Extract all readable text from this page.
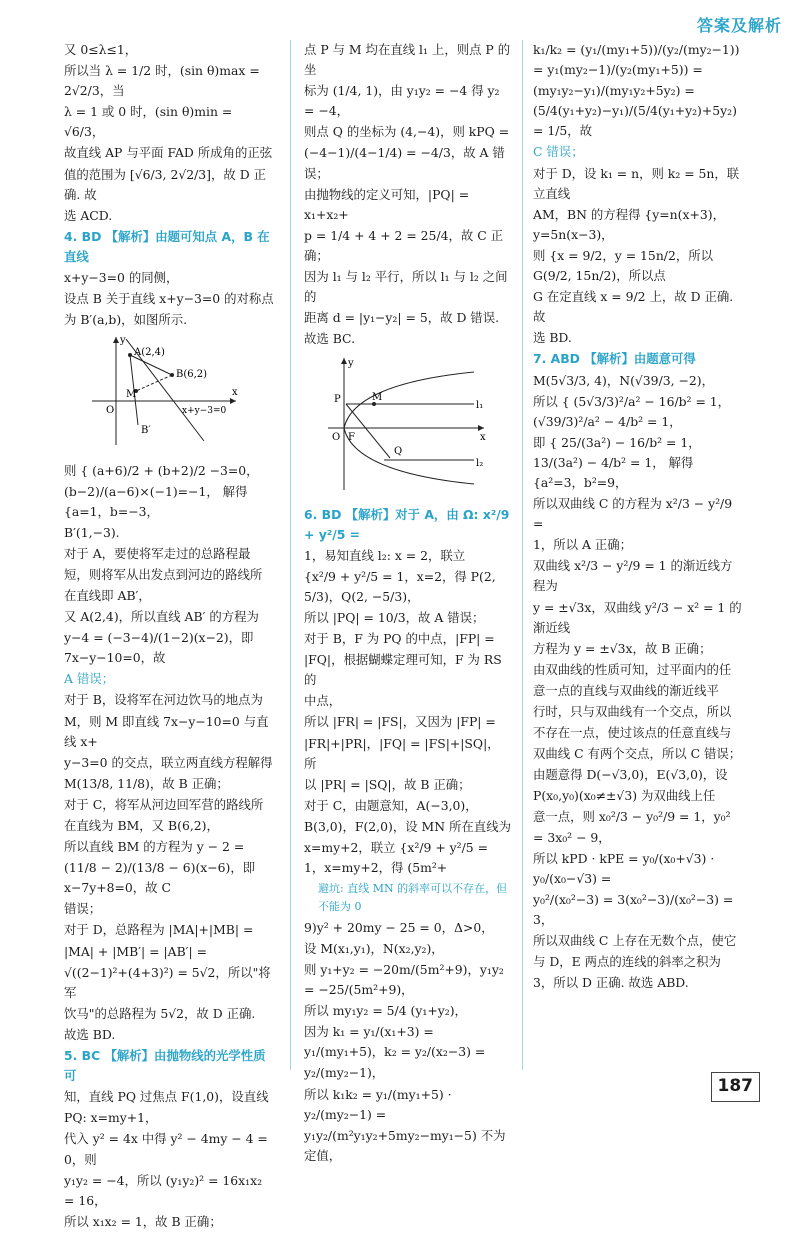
答案及解析

又 0≤λ≤1，

所以当 λ = 1/2 时，(sin θ)max = 2√2/3，当

λ = 1 或 0 时，(sin θ)min = √6/3，

故直线 AP 与平面 FAD 所成角的正弦

值的范围为 [√6/3, 2√2/3]，故 D 正确. 故

选 ACD.

4. BD 【解析】由题可知点 A，B 在直线

x+y−3=0 的同侧，

设点 B 关于直线 x+y−3=0 的对称点

为 B′(a,b)，如图所示.

A(2,4)
B(6,2)
M
B′
O
x
y
x+y−3=0

则 { (a+6)/2 + (b+2)/2 −3=0，(b−2)/(a−6)×(−1)=−1， 解得 {a=1，b=−3，

B′(1,−3).

对于 A，要使将军走过的总路程最

短，则将军从出发点到河边的路线所

在直线即 AB′，

又 A(2,4)，所以直线 AB′ 的方程为

y−4 = (−3−4)/(1−2)(x−2)，即 7x−y−10=0，故

A 错误；

对于 B，设将军在河边饮马的地点为

M，则 M 即直线 7x−y−10=0 与直线 x+

y−3=0 的交点，联立两直线方程解得

M(13/8, 11/8)，故 B 正确；

对于 C，将军从河边回军营的路线所

在直线为 BM，又 B(6,2)，

所以直线 BM 的方程为 y − 2 =

(11/8 − 2)/(13/8 − 6)(x−6)，即 x−7y+8=0，故 C

错误；

对于 D，总路程为 |MA|+|MB| =

|MA| + |MB′| = |AB′| =

√((2−1)²+(4+3)²) = 5√2，所以"将军

饮马"的总路程为 5√2，故 D 正确.

故选 BD.

5. BC 【解析】由抛物线的光学性质可

知，直线 PQ 过焦点 F(1,0)，设直线

PQ: x=my+1，

代入 y² = 4x 中得 y² − 4my − 4 = 0，则

y₁y₂ = −4，所以 (y₁y₂)² = 16x₁x₂ = 16，

所以 x₁x₂ = 1，故 B 正确；

点 P 与 M 均在直线 l₁ 上，则点 P 的坐

标为 (1/4, 1)，由 y₁y₂ = −4 得 y₂ = −4，

则点 Q 的坐标为 (4,−4)，则 kPQ =

(−4−1)/(4−1/4) = −4/3，故 A 错误；

由抛物线的定义可知，|PQ| = x₁+x₂+

p = 1/4 + 4 + 2 = 25/4，故 C 正确；

因为 l₁ 与 l₂ 平行，所以 l₁ 与 l₂ 之间的

距离 d = |y₁−y₂| = 5，故 D 错误.

故选 BC.

P	M
Q
O F	x
y
l₁
l₂

6. BD 【解析】对于 A，由 Ω: x²/9 + y²/5 =

1，易知直线 l₂: x = 2，联立

{x²/9 + y²/5 = 1，x=2，得 P(2, 5/3)，Q(2, −5/3)，

所以 |PQ| = 10/3，故 A 错误；

对于 B，F 为 PQ 的中点，|FP| =

|FQ|，根据蝴蝶定理可知，F 为 RS 的

中点，

所以 |FR| = |FS|，又因为 |FP| =

|FR|+|PR|，|FQ| = |FS|+|SQ|，所

以 |PR| = |SQ|，故 B 正确；

对于 C，由题意知，A(−3,0)，

B(3,0)，F(2,0)，设 MN 所在直线为

x=my+2，联立 {x²/9 + y²/5 = 1，x=my+2，得 (5m²+

避坑: 直线 MN 的斜率可以不存在，但不能为 0

9)y² + 20my − 25 = 0，Δ>0，

设 M(x₁,y₁)，N(x₂,y₂)，

则 y₁+y₂ = −20m/(5m²+9)，y₁y₂ = −25/(5m²+9)，

所以 my₁y₂ = 5/4 (y₁+y₂)，

因为 k₁ = y₁/(x₁+3) = y₁/(my₁+5)，k₂ = y₂/(x₂−3) =

y₂/(my₂−1)，

所以 k₁k₂ = y₁/(my₁+5) · y₂/(my₂−1) =

y₁y₂/(m²y₁y₂+5my₂−my₁−5) 不为定值，

k₁/k₂ = (y₁/(my₁+5))/(y₂/(my₂−1)) = y₁(my₂−1)/(y₂(my₁+5)) =

(my₁y₂−y₁)/(my₁y₂+5y₂) = (5/4(y₁+y₂)−y₁)/(5/4(y₁+y₂)+5y₂) = 1/5，故

C 错误；

对于 D，设 k₁ = n，则 k₂ = 5n，联立直线

AM，BN 的方程得 {y=n(x+3)，y=5n(x−3)，

则 {x = 9/2，y = 15n/2，所以 G(9/2, 15n/2)，所以点

G 在定直线 x = 9/2 上，故 D 正确. 故

选 BD.

7. ABD 【解析】由题意可得

M(5√3/3, 4)，N(√39/3, −2)，

所以 { (5√3/3)²/a² − 16/b² = 1，(√39/3)²/a² − 4/b² = 1，

即 { 25/(3a²) − 16/b² = 1，13/(3a²) − 4/b² = 1， 解得 {a²=3，b²=9，

所以双曲线 C 的方程为 x²/3 − y²/9 =

1，所以 A 正确；

双曲线 x²/3 − y²/9 = 1 的渐近线方程为

y = ±√3x，双曲线 y²/3 − x² = 1 的渐近线

方程为 y = ±√3x，故 B 正确；

由双曲线的性质可知，过平面内的任

意一点的直线与双曲线的渐近线平

行时，只与双曲线有一个交点，所以

不存在一点，使过该点的任意直线与

双曲线 C 有两个交点，所以 C 错误；

由题意得 D(−√3,0)，E(√3,0)，设

P(x₀,y₀)(x₀≠±√3) 为双曲线上任

意一点，则 x₀²/3 − y₀²/9 = 1，y₀² = 3x₀² − 9，

所以 kPD · kPE = y₀/(x₀+√3) · y₀/(x₀−√3) =

y₀²/(x₀²−3) = 3(x₀²−3)/(x₀²−3) = 3，

所以双曲线 C 上存在无数个点，使它

与 D，E 两点的连线的斜率之积为

3，所以 D 正确. 故选 ABD.

187
